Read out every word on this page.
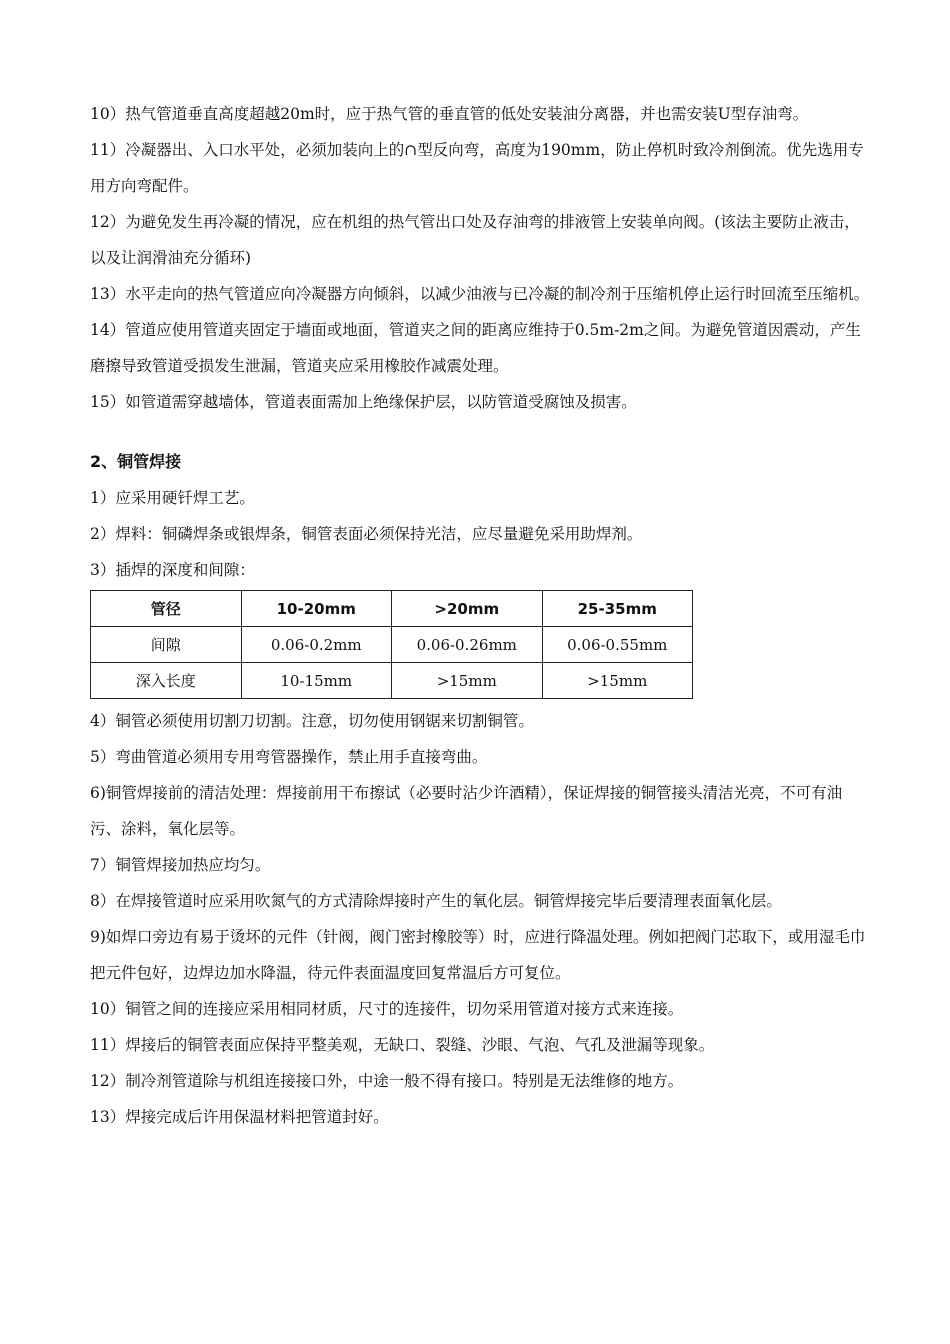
10）热气管道垂直高度超越20m时，应于热气管的垂直管的低处安装油分离器，并也需安装U型存油弯。

11）冷凝器出、入口水平处，必须加装向上的∩型反向弯，高度为190mm，防止停机时致冷剂倒流。优先选用专用方向弯配件。

12）为避免发生再冷凝的情况，应在机组的热气管出口处及存油弯的排液管上安装单向阀。(该法主要防止液击，以及让润滑油充分循环)

13）水平走向的热气管道应向冷凝器方向倾斜，以减少油液与已冷凝的制冷剂于压缩机停止运行时回流至压缩机。

14）管道应使用管道夹固定于墙面或地面，管道夹之间的距离应维持于0.5m-2m之间。为避免管道因震动，产生磨擦导致管道受损发生泄漏，管道夹应采用橡胶作减震处理。

15）如管道需穿越墙体，管道表面需加上绝缘保护层，以防管道受腐蚀及损害。

2、铜管焊接

1）应采用硬钎焊工艺。

2）焊料：铜磷焊条或银焊条，铜管表面必须保持光洁，应尽量避免采用助焊剂。

3）插焊的深度和间隙：

管径	10-20mm	>20mm	25-35mm
间隙	0.06-0.2mm	0.06-0.26mm	0.06-0.55mm
深入长度	10-15mm	>15mm	>15mm

4）铜管必须使用切割刀切割。注意，切勿使用钢锯来切割铜管。

5）弯曲管道必须用专用弯管器操作，禁止用手直接弯曲。

6)铜管焊接前的清洁处理：焊接前用干布擦试（必要时沾少许酒精），保证焊接的铜管接头清洁光亮，不可有油污、涂料，氧化层等。

7）铜管焊接加热应均匀。

8）在焊接管道时应采用吹氮气的方式清除焊接时产生的氧化层。铜管焊接完毕后要清理表面氧化层。

9)如焊口旁边有易于烫坏的元件（针阀，阀门密封橡胶等）时，应进行降温处理。例如把阀门芯取下，或用湿毛巾把元件包好，边焊边加水降温，待元件表面温度回复常温后方可复位。

10）铜管之间的连接应采用相同材质，尺寸的连接件，切勿采用管道对接方式来连接。

11）焊接后的铜管表面应保持平整美观，无缺口、裂缝、沙眼、气泡、气孔及泄漏等现象。

12）制冷剂管道除与机组连接接口外，中途一般不得有接口。特别是无法维修的地方。

13）焊接完成后许用保温材料把管道封好。
